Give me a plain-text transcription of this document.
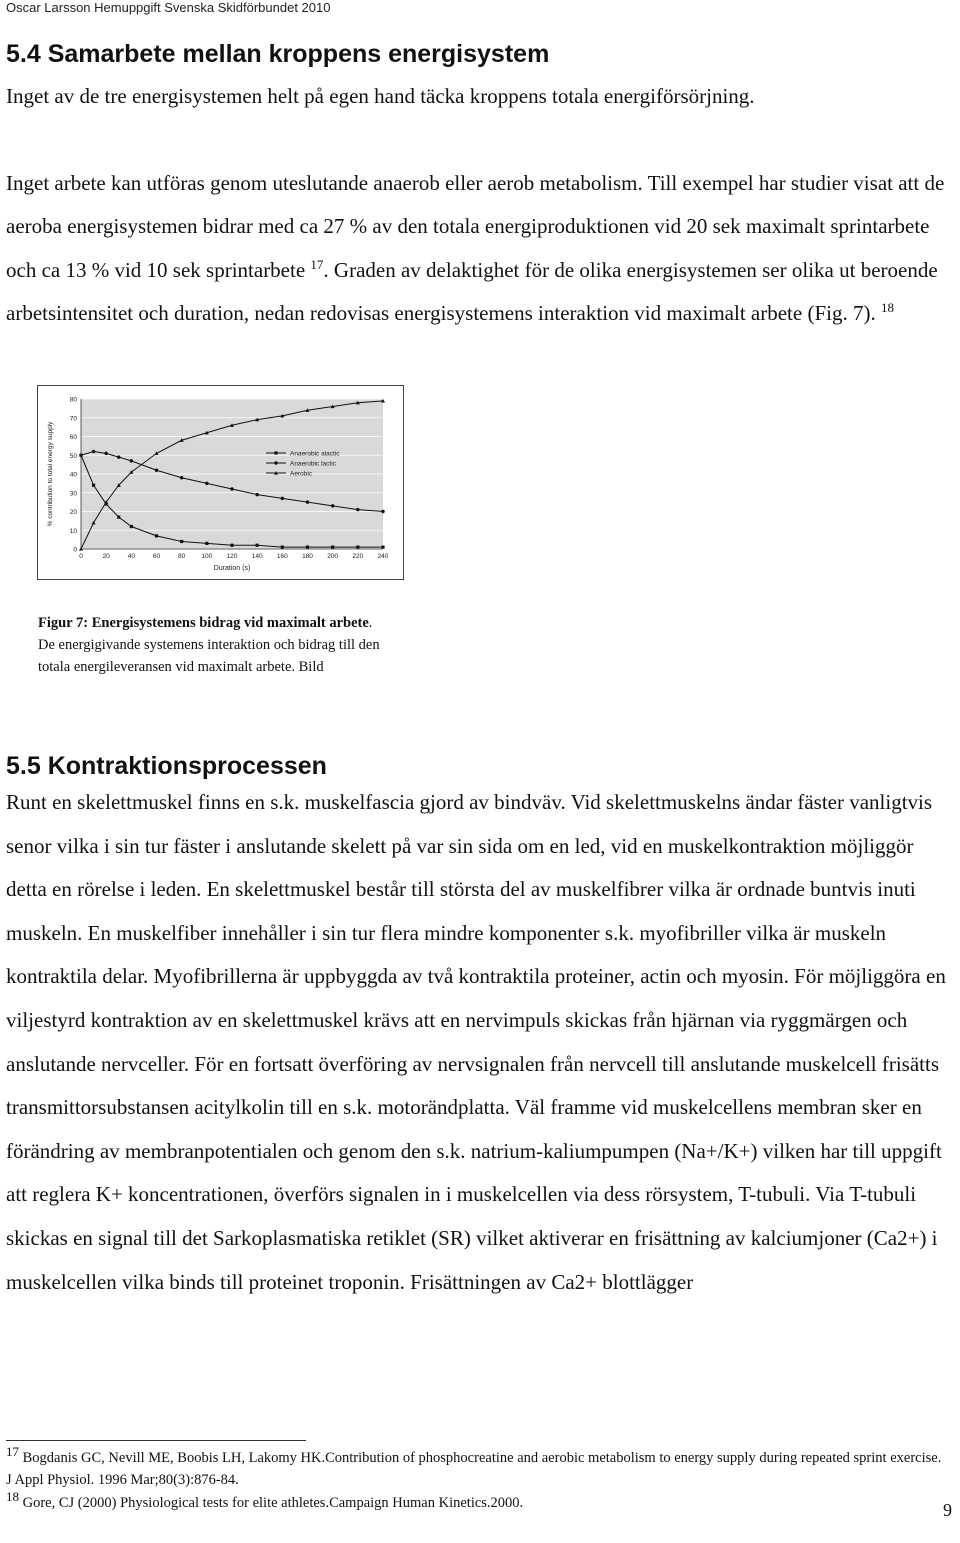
Oscar Larsson Hemuppgift Svenska Skidförbundet 2010
5.4 Samarbete mellan kroppens energisystem

Inget av de tre energisystemen helt på egen hand täcka kroppens totala energiförsörjning.

Inget arbete kan utföras genom uteslutande anaerob eller aerob metabolism. Till exempel har studier visat att de aeroba energisystemen bidrar med ca 27 % av den totala energiproduktionen vid 20 sek maximalt sprintarbete och ca 13 % vid 10 sek sprintarbete $^{17}$. Graden av delaktighet för de olika energisystemen ser olika ut beroende arbetsintensitet och duration, nedan redovisas energisystemens interaktion vid maximalt arbete (Fig. 7). $^{18}$

0
10
20
30
40
50
60
70
80
0	20	40	60	80 100 120 140 160 180 200 220 240
Anaerobic alactic
Anaerobic lactic
Aerobic
% contribution to total energy supply
Duration (s)
Figur 7: Energisystemens bidrag vid maximalt arbete.
De energigivande systemens interaktion och bidrag till den
totala energileveransen vid maximalt arbete. Bild
5.5 Kontraktionsprocessen

Runt en skelettmuskel finns en s.k. muskelfascia gjord av bindväv. Vid skelettmuskelns ändar fäster vanligtvis senor vilka i sin tur fäster i anslutande skelett på var sin sida om en led, vid en muskelkontraktion möjliggör detta en rörelse i leden. En skelettmuskel består till största del av muskelfibrer vilka är ordnade buntvis inuti muskeln. En muskelfiber innehåller i sin tur flera mindre komponenter s.k. myofibriller vilka är muskeln kontraktila delar. Myofibrillerna är uppbyggda av två kontraktila proteiner, actin och myosin. För möjliggöra en viljestyrd kontraktion av en skelettmuskel krävs att en nervimpuls skickas från hjärnan via ryggmärgen och anslutande nervceller. För en fortsatt överföring av nervsignalen från nervcell till anslutande muskelcell frisätts transmittorsubstansen acitylkolin till en s.k. motorändplatta. Väl framme vid muskelcellens membran sker en förändring av membranpotentialen och genom den s.k. natrium-kaliumpumpen (Na+/K+) vilken har till uppgift att reglera K+ koncentrationen, överförs signalen in i muskelcellen via dess rörsystem, T-tubuli. Via T-tubuli skickas en signal till det Sarkoplasmatiska retiklet (SR) vilket aktiverar en frisättning av kalciumjoner (Ca2+) i muskelcellen vilka binds till proteinet troponin. Frisättningen av Ca2+ blottlägger

$^{17}$ Bogdanis GC, Nevill ME, Boobis LH, Lakomy HK.Contribution of phosphocreatine and aerobic metabolism to energy supply during repeated sprint exercise. J Appl Physiol. 1996 Mar;80(3):876-84.
$^{18}$ Gore, CJ (2000) Physiological tests for elite athletes.Campaign Human Kinetics.2000.	9
